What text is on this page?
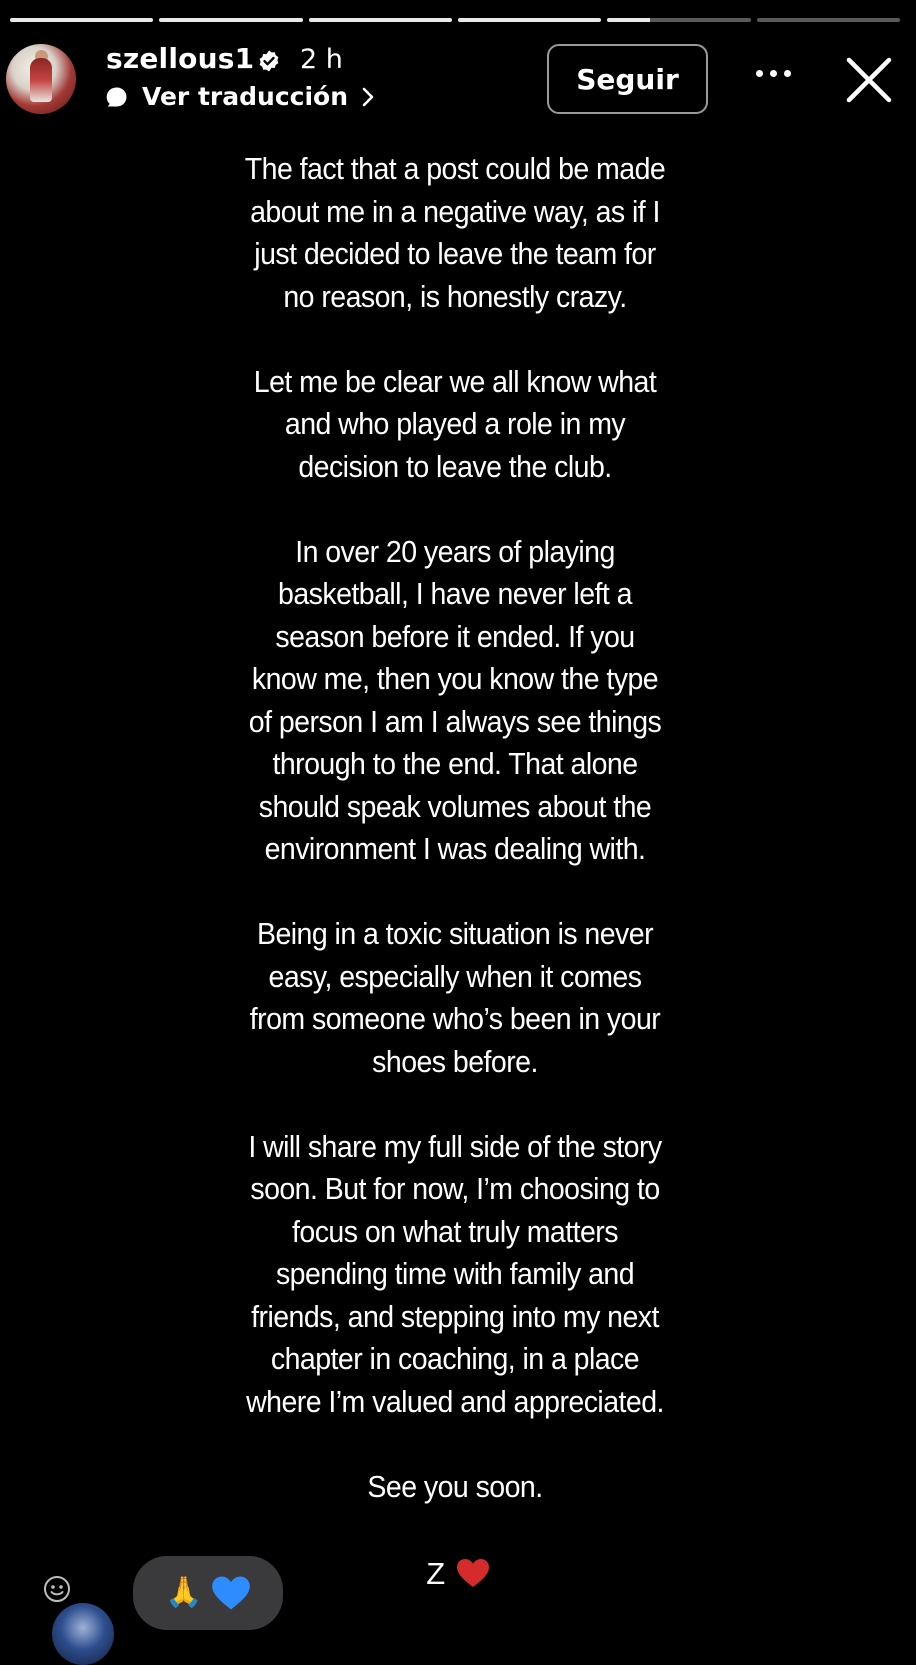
szellous1 2 h
Ver traducción
Seguir

The fact that a post could be made
about me in a negative way, as if I
just decided to leave the team for
no reason, is honestly crazy.

Let me be clear we all know what
and who played a role in my
decision to leave the club.

In over 20 years of playing
basketball, I have never left a
season before it ended. If you
know me, then you know the type
of person I am I always see things
through to the end. That alone
should speak volumes about the
environment I was dealing with.

Being in a toxic situation is never
easy, especially when it comes
from someone who’s been in your
shoes before.

I will share my full side of the story
soon. But for now, I’m choosing to
focus on what truly matters
spending time with family and
friends, and stepping into my next
chapter in coaching, in a place
where I’m valued and appreciated.

See you soon.

Z
🙏
